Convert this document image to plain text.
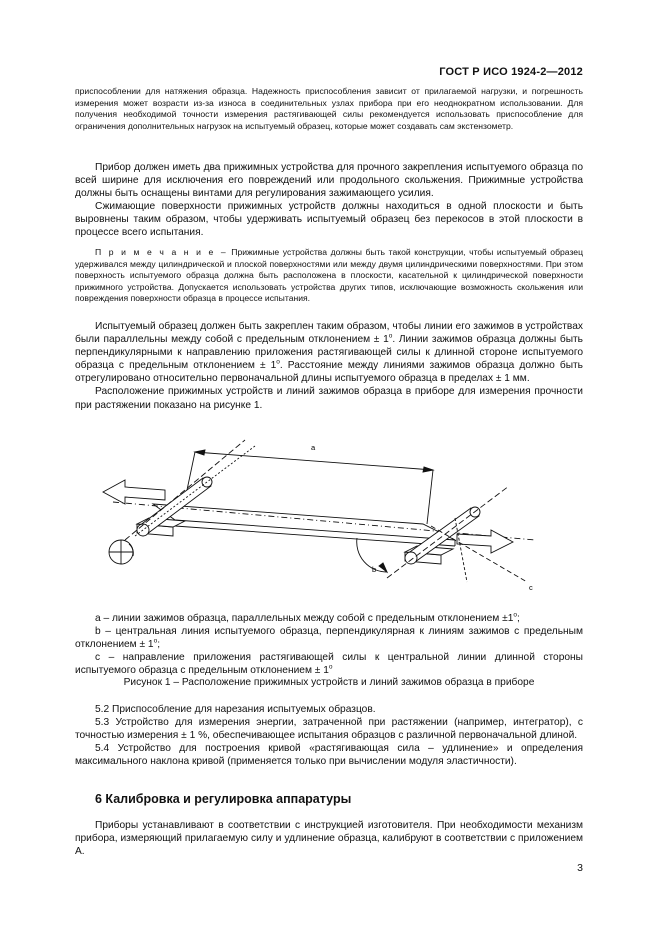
ГОСТ Р ИСО 1924-2—2012

приспособлении для натяжения образца. Надежность приспособления зависит от прилагаемой нагрузки, и погрешность измерения может возрасти из-за износа в соединительных узлах прибора при его неоднократном использовании. Для получения необходимой точности измерения растягивающей силы рекомендуется использовать приспособление для ограничения дополнительных нагрузок на испытуемый образец, которые может создавать сам экстензометр.

Прибор должен иметь два прижимных устройства для прочного закрепления испытуемого образца по всей ширине для исключения его повреждений или продольного скольжения. Прижимные устройства должны быть оснащены винтами для регулирования зажимающего усилия.

Сжимающие поверхности прижимных устройств должны находиться в одной плоскости и быть выровнены таким образом, чтобы удерживать испытуемый образец без перекосов в этой плоскости в процессе всего испытания.

П р и м е ч а н и е – Прижимные устройства должны быть такой конструкции, чтобы испытуемый образец удерживался между цилиндрической и плоской поверхностями или между двумя цилиндрическими поверхностями. При этом поверхность испытуемого образца должна быть расположена в плоскости, касательной к цилиндрической поверхности прижимного устройства. Допускается использовать устройства других типов, исключающие возможность скольжения или повреждения поверхности образца в процессе испытания.

Испытуемый образец должен быть закреплен таким образом, чтобы линии его зажимов в устройствах были параллельны между собой с предельным отклонением ± $1^o$. Линии зажимов образца должны быть перпендикулярными к направлению приложения растягивающей силы к длинной стороне испытуемого образца с предельным отклонением ± $1^o$. Расстояние между линиями зажимов образца должно быть отрегулировано относительно первоначальной длины испытуемого образца в пределах ± 1 мм.

Расположение прижимных устройств и линий зажимов образца в приборе для измерения прочности при растяжении показано на рисунке 1.

a
b
c

a – линии зажимов образца, параллельных между собой с предельным отклонением $\pm 1^o$;

b – центральная линия испытуемого образца, перпендикулярная к линиям зажимов с предельным отклонением ± $1^o$;

c – направление приложения растягивающей силы к центральной линии длинной стороны испытуемого образца с предельным отклонением ± $1^o$

Рисунок 1 – Расположение прижимных устройств и линий зажимов образца в приборе

5.2 Приспособление для нарезания испытуемых образцов.

5.3 Устройство для измерения энергии, затраченной при растяжении (например, интегратор), с точностью измерения ± 1 %, обеспечивающее испытания образцов с различной первоначальной длиной.

5.4 Устройство для построения кривой «растягивающая сила – удлинение» и определения максимального наклона кривой (применяется только при вычислении модуля эластичности).

6 Калибровка и регулировка аппаратуры

Приборы устанавливают в соответствии с инструкцией изготовителя. При необходимости механизм прибора, измеряющий прилагаемую силу и удлинение образца, калибруют в соответствии с приложением А.

3
